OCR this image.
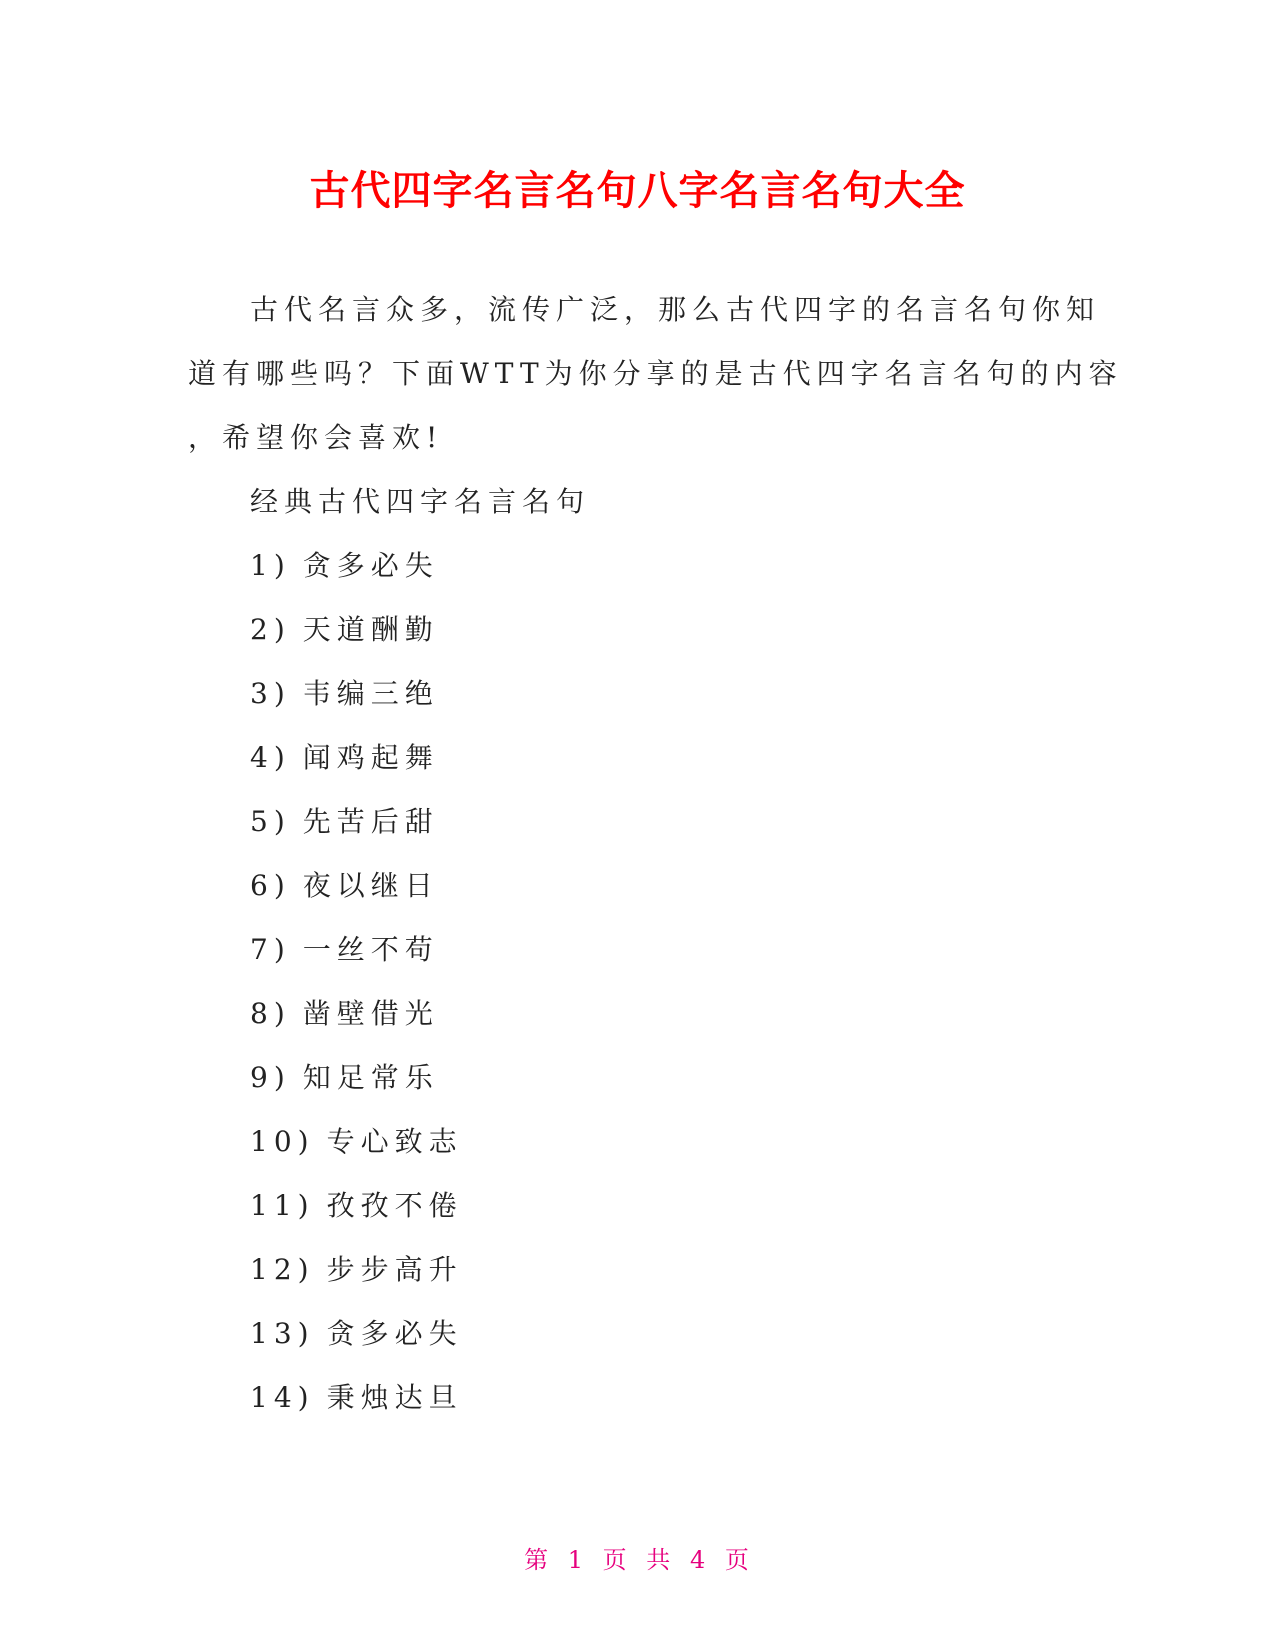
古代四字名言名句八字名言名句大全
古代名言众多，流传广泛，那么古代四字的名言名句你知
道有哪些吗？下面WTT为你分享的是古代四字名言名句的内容
，希望你会喜欢!
经典古代四字名言名句
1) 贪多必失
2) 天道酬勤
3) 韦编三绝
4) 闻鸡起舞
5) 先苦后甜
6) 夜以继日
7) 一丝不苟
8) 凿壁借光
9) 知足常乐
10) 专心致志
11) 孜孜不倦
12) 步步高升
13) 贪多必失
14) 秉烛达旦
第 1 页 共 4 页
